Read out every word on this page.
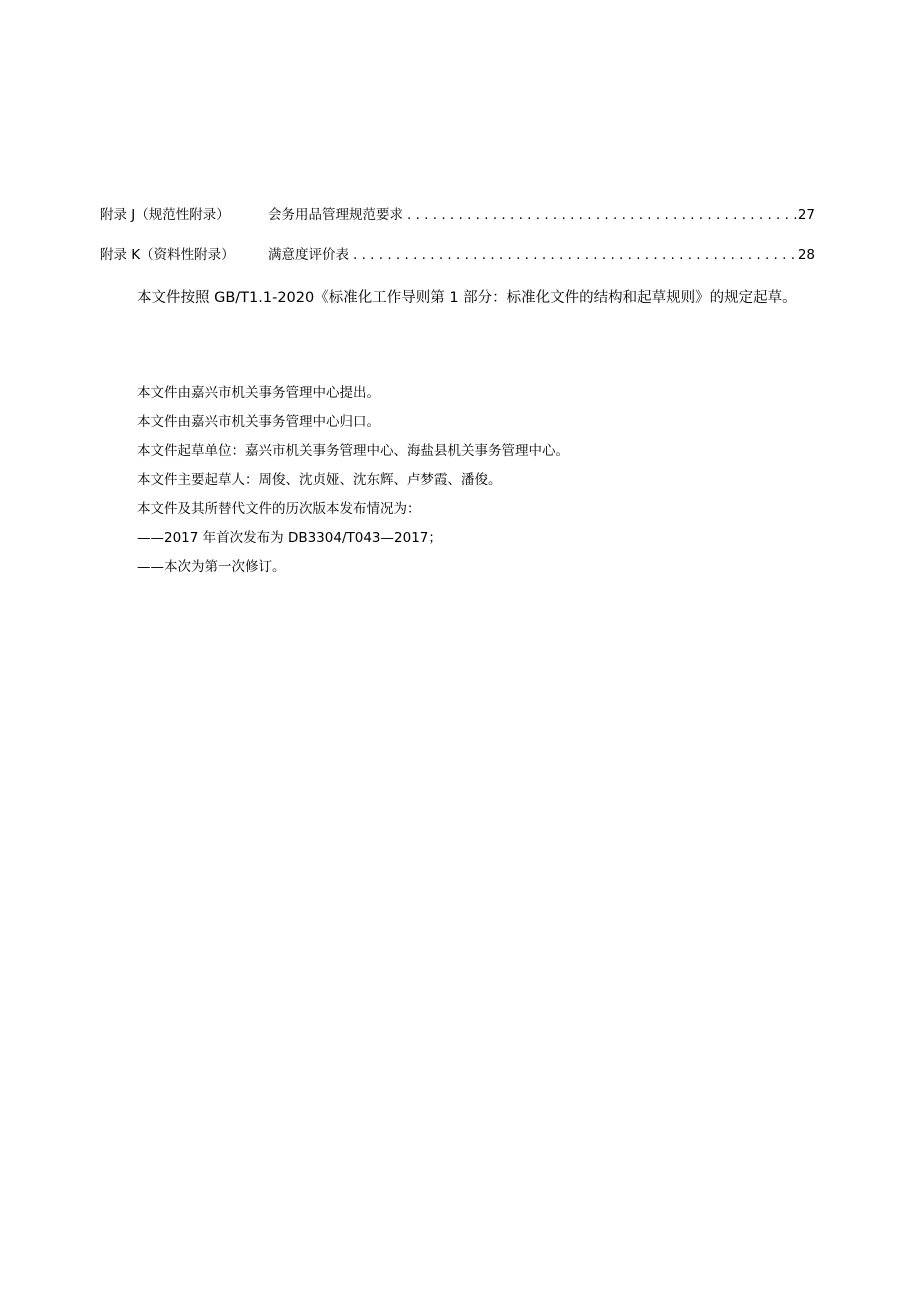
附录 J（规范性附录）	会务用品管理规范要求 . . .	27
附录 K（资料性附录）	满意度评价表 . . .	28
本文件按照 GB/T1.1-2020《标准化工作导则第 1 部分：标准化文件的结构和起草规则》的规定起草。
本文件由嘉兴市机关事务管理中心提出。
本文件由嘉兴市机关事务管理中心归口。
本文件起草单位：嘉兴市机关事务管理中心、海盐县机关事务管理中心。
本文件主要起草人：周俊、沈贞娅、沈东辉、卢梦霞、潘俊。
本文件及其所替代文件的历次版本发布情况为：
——2017 年首次发布为 DB3304/T043—2017；
——本次为第一次修订。
